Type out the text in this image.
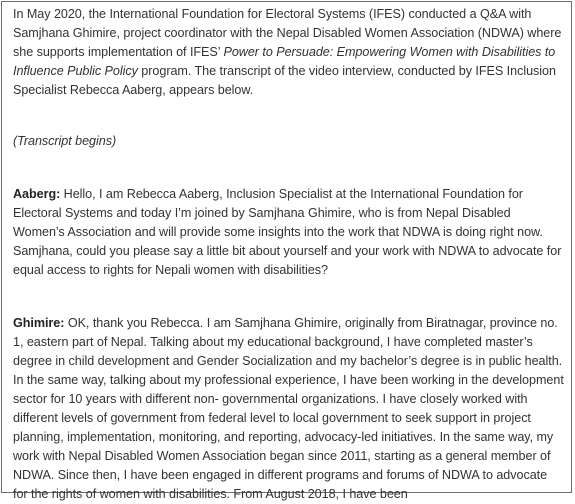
In May 2020, the International Foundation for Electoral Systems (IFES) conducted a Q&A with Samjhana Ghimire, project coordinator with the Nepal Disabled Women Association (NDWA) where she supports implementation of IFES’ Power to Persuade: Empowering Women with Disabilities to Influence Public Policy program. The transcript of the video interview, conducted by IFES Inclusion Specialist Rebecca Aaberg, appears below.

(Transcript begins)

Aaberg: Hello, I am Rebecca Aaberg, Inclusion Specialist at the International Foundation for Electoral Systems and today I’m joined by Samjhana Ghimire, who is from Nepal Disabled Women’s Association and will provide some insights into the work that NDWA is doing right now. Samjhana, could you please say a little bit about yourself and your work with NDWA to advocate for equal access to rights for Nepali women with disabilities?

Ghimire: OK, thank you Rebecca. I am Samjhana Ghimire, originally from Biratnagar, province no. 1, eastern part of Nepal. Talking about my educational background, I have completed master’s degree in child development and Gender Socialization and my bachelor’s degree is in public health. In the same way, talking about my professional experience, I have been working in the development sector for 10 years with different non- governmental organizations. I have closely worked with different levels of government from federal level to local government to seek support in project planning, implementation, monitoring, and reporting, advocacy-led initiatives. In the same way, my work with Nepal Disabled Women Association began since 2011, starting as a general member of NDWA. Since then, I have been engaged in different programs and forums of NDWA to advocate for the rights of women with disabilities. From August 2018, I have been
